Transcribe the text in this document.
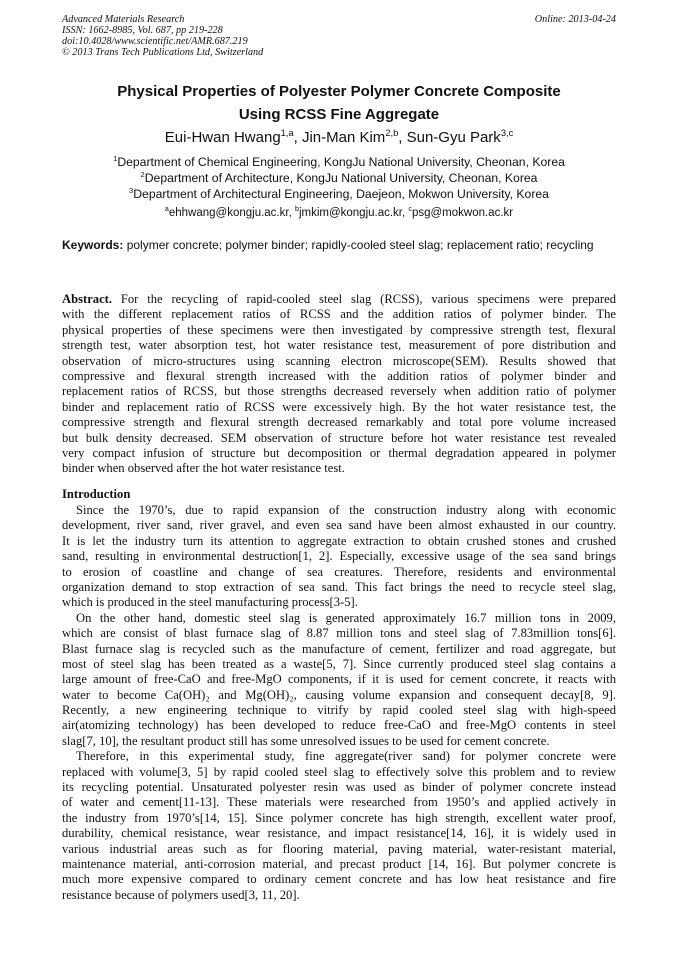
Advanced Materials Research
ISSN: 1662-8985, Vol. 687, pp 219-228
doi:10.4028/www.scientific.net/AMR.687.219
© 2013 Trans Tech Publications Ltd, Switzerland
Online: 2013-04-24
Physical Properties of Polyester Polymer Concrete Composite
Using RCSS Fine Aggregate
Eui-Hwan Hwang$^{1,a}$, Jin-Man Kim$^{2,b}$, Sun-Gyu Park$^{3,c}$
$^1$Department of Chemical Engineering, KongJu National University, Cheonan, Korea
$^2$Department of Architecture, KongJu National University, Cheonan, Korea
$^3$Department of Architectural Engineering, Daejeon, Mokwon University, Korea
$^a$ehhwang@kongju.ac.kr, $^b$jmkim@kongju.ac.kr, $^c$psg@mokwon.ac.kr
Keywords: polymer concrete; polymer binder; rapidly-cooled steel slag; replacement ratio; recycling
Abstract. For the recycling of rapid-cooled steel slag (RCSS), various specimens were prepared
with the different replacement ratios of RCSS and the addition ratios of polymer binder. The
physical properties of these specimens were then investigated by compressive strength test, flexural
strength test, water absorption test, hot water resistance test, measurement of pore distribution and
observation of micro-structures using scanning electron microscope(SEM). Results showed that
compressive and flexural strength increased with the addition ratios of polymer binder and
replacement ratios of RCSS, but those strengths decreased reversely when addition ratio of polymer
binder and replacement ratio of RCSS were excessively high. By the hot water resistance test, the
compressive strength and flexural strength decreased remarkably and total pore volume increased
but bulk density decreased. SEM observation of structure before hot water resistance test revealed
very compact infusion of structure but decomposition or thermal degradation appeared in polymer
binder when observed after the hot water resistance test.
Introduction
Since the 1970’s, due to rapid expansion of the construction industry along with economic
development, river sand, river gravel, and even sea sand have been almost exhausted in our country.
It is let the industry turn its attention to aggregate extraction to obtain crushed stones and crushed
sand, resulting in environmental destruction[1, 2]. Especially, excessive usage of the sea sand brings
to erosion of coastline and change of sea creatures. Therefore, residents and environmental
organization demand to stop extraction of sea sand. This fact brings the need to recycle steel slag,
which is produced in the steel manufacturing process[3-5].
On the other hand, domestic steel slag is generated approximately 16.7 million tons in 2009,
which are consist of blast furnace slag of 8.87 million tons and steel slag of 7.83million tons[6].
Blast furnace slag is recycled such as the manufacture of cement, fertilizer and road aggregate, but
most of steel slag has been treated as a waste[5, 7]. Since currently produced steel slag contains a
large amount of free-CaO and free-MgO components, if it is used for cement concrete, it reacts with
water to become Ca(OH)₂ and Mg(OH)₂, causing volume expansion and consequent decay[8, 9].
Recently, a new engineering technique to vitrify by rapid cooled steel slag with high-speed
air(atomizing technology) has been developed to reduce free-CaO and free-MgO contents in steel
slag[7, 10], the resultant product still has some unresolved issues to be used for cement concrete.
Therefore, in this experimental study, fine aggregate(river sand) for polymer concrete were
replaced with volume[3, 5] by rapid cooled steel slag to effectively solve this problem and to review
its recycling potential. Unsaturated polyester resin was used as binder of polymer concrete instead
of water and cement[11-13]. These materials were researched from 1950’s and applied actively in
the industry from 1970’s[14, 15]. Since polymer concrete has high strength, excellent water proof,
durability, chemical resistance, wear resistance, and impact resistance[14, 16], it is widely used in
various industrial areas such as for flooring material, paving material, water-resistant material,
maintenance material, anti-corrosion material, and precast product [14, 16]. But polymer concrete is
much more expensive compared to ordinary cement concrete and has low heat resistance and fire
resistance because of polymers used[3, 11, 20].
